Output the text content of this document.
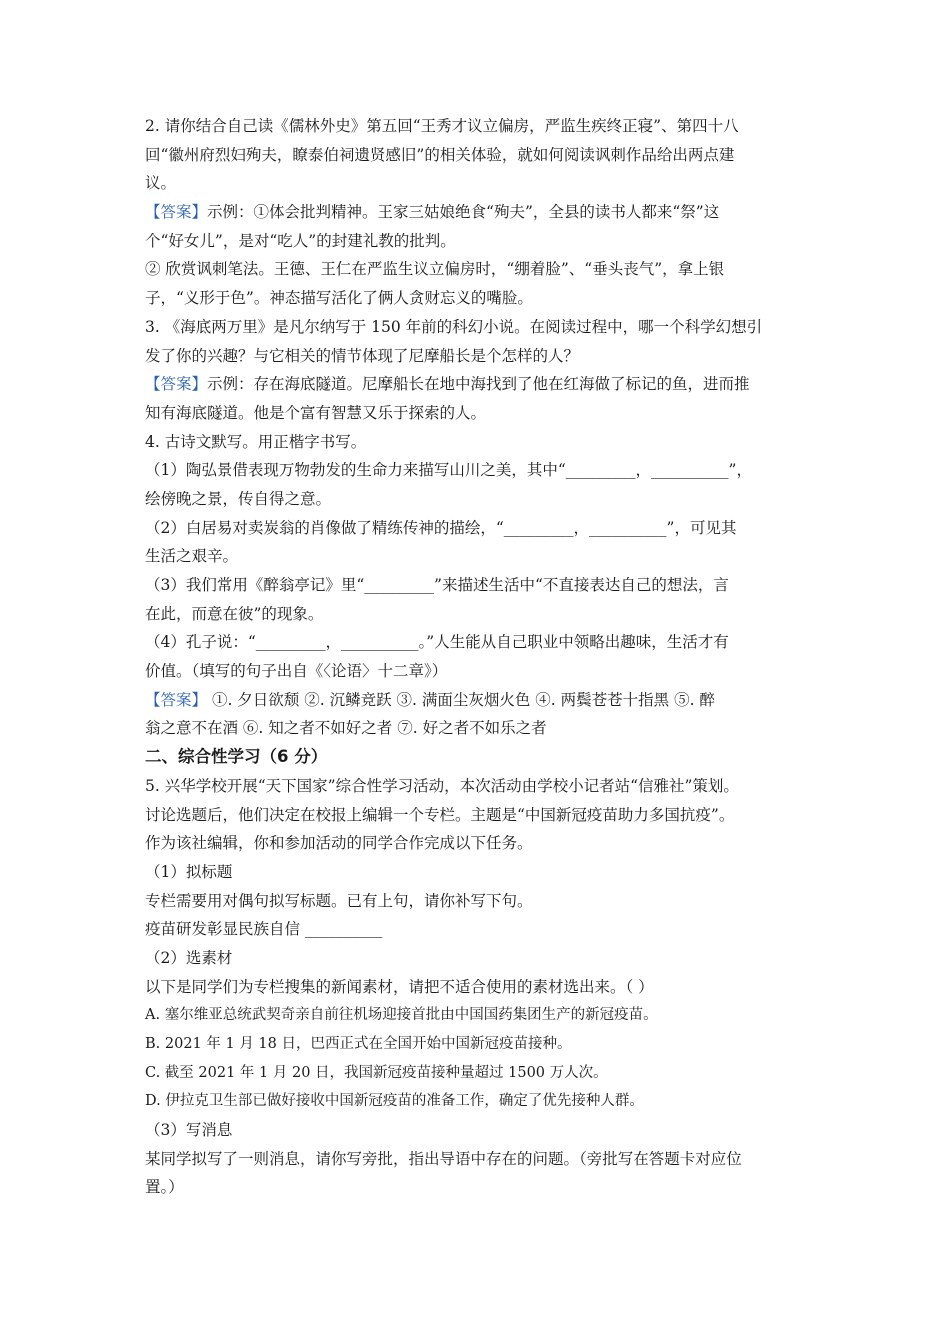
2. 请你结合自己读《儒林外史》第五回“王秀才议立偏房，严监生疾终正寝”、第四十八
回“徽州府烈妇殉夫，瞭泰伯祠遗贤感旧”的相关体验，就如何阅读讽刺作品给出两点建
议。
【答案】示例：①体会批判精神。王家三姑娘绝食“殉夫”，全县的读书人都来“祭”这
个“好女儿”，是对“吃人”的封建礼教的批判。
② 欣赏讽刺笔法。王德、王仁在严监生议立偏房时，“绷着脸”、“垂头丧气”，拿上银
子，“义形于色”。神态描写活化了俩人贪财忘义的嘴脸。
3. 《海底两万里》是凡尔纳写于 150 年前的科幻小说。在阅读过程中，哪一个科学幻想引
发了你的兴趣？与它相关的情节体现了尼摩船长是个怎样的人？
【答案】示例：存在海底隧道。尼摩船长在地中海找到了他在红海做了标记的鱼，进而推
知有海底隧道。他是个富有智慧又乐于探索的人。
4. 古诗文默写。用正楷字书写。
（1）陶弘景借表现万物勃发的生命力来描写山川之美，其中“_________，__________”，
绘傍晚之景，传自得之意。
（2）白居易对卖炭翁的肖像做了精练传神的描绘，“_________，__________”，可见其
生活之艰辛。
（3）我们常用《醉翁亭记》里“_________”来描述生活中“不直接表达自己的想法，言
在此，而意在彼”的现象。
（4）孔子说：“_________，__________。”人生能从自己职业中领略出趣味，生活才有
价值。（填写的句子出自《〈论语〉十二章》）
【答案】 ①. 夕日欲颓 ②. 沉鳞竞跃 ③. 满面尘灰烟火色 ④. 两鬓苍苍十指黑 ⑤. 醉
翁之意不在酒 ⑥. 知之者不如好之者 ⑦. 好之者不如乐之者
二、综合性学习（6 分）
5. 兴华学校开展“天下国家”综合性学习活动，本次活动由学校小记者站“信雅社”策划。
讨论选题后，他们决定在校报上编辑一个专栏。主题是“中国新冠疫苗助力多国抗疫”。
作为该社编辑，你和参加活动的同学合作完成以下任务。
（1）拟标题
专栏需要用对偶句拟写标题。已有上句，请你补写下句。
疫苗研发彰显民族自信 __________
（2）选素材
以下是同学们为专栏搜集的新闻素材，请把不适合使用的素材选出来。（ ）
A. 塞尔维亚总统武契奇亲自前往机场迎接首批由中国国药集团生产的新冠疫苗。
B. 2021 年 1 月 18 日，巴西正式在全国开始中国新冠疫苗接种。
C. 截至 2021 年 1 月 20 日，我国新冠疫苗接种量超过 1500 万人次。
D. 伊拉克卫生部已做好接收中国新冠疫苗的准备工作，确定了优先接种人群。
（3）写消息
某同学拟写了一则消息，请你写旁批，指出导语中存在的问题。（旁批写在答题卡对应位
置。）
